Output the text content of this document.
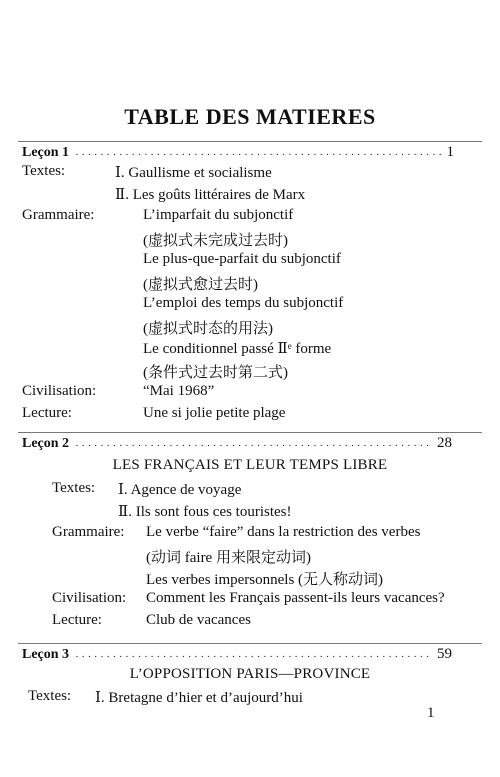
TABLE DES MATIERES
Leçon 1 ·····	1
Textes:	Ⅰ. Gaullisme et socialisme
Ⅱ. Les goûts littéraires de Marx
Grammaire:	L’imparfait du subjonctif
(虚拟式未完成过去时)
Le plus-que-parfait du subjonctif
(虚拟式愈过去时)
L’emploi des temps du subjonctif
(虚拟式时态的用法)
Le conditionnel passé Ⅱᵉ forme
(条件式过去时第二式)
Civilisation:	“Mai 1968”
Lecture:	Une si jolie petite plage
Leçon 2 ·····	28
LES FRANÇAIS ET LEUR TEMPS LIBRE
Textes: Ⅰ. Agence de voyage
Ⅱ. Ils sont fous ces touristes!
Grammaire: Le verbe “faire” dans la restriction des verbes
(动词 faire 用来限定动词)
Les verbes impersonnels (无人称动词)
Civilisation: Comment les Français passent-ils leurs vacances?
Lecture:	Club de vacances
Leçon 3 ·····	59
L’OPPOSITION PARIS—PROVINCE
Textes: Ⅰ. Bretagne d’hier et d’aujourd’hui
1
